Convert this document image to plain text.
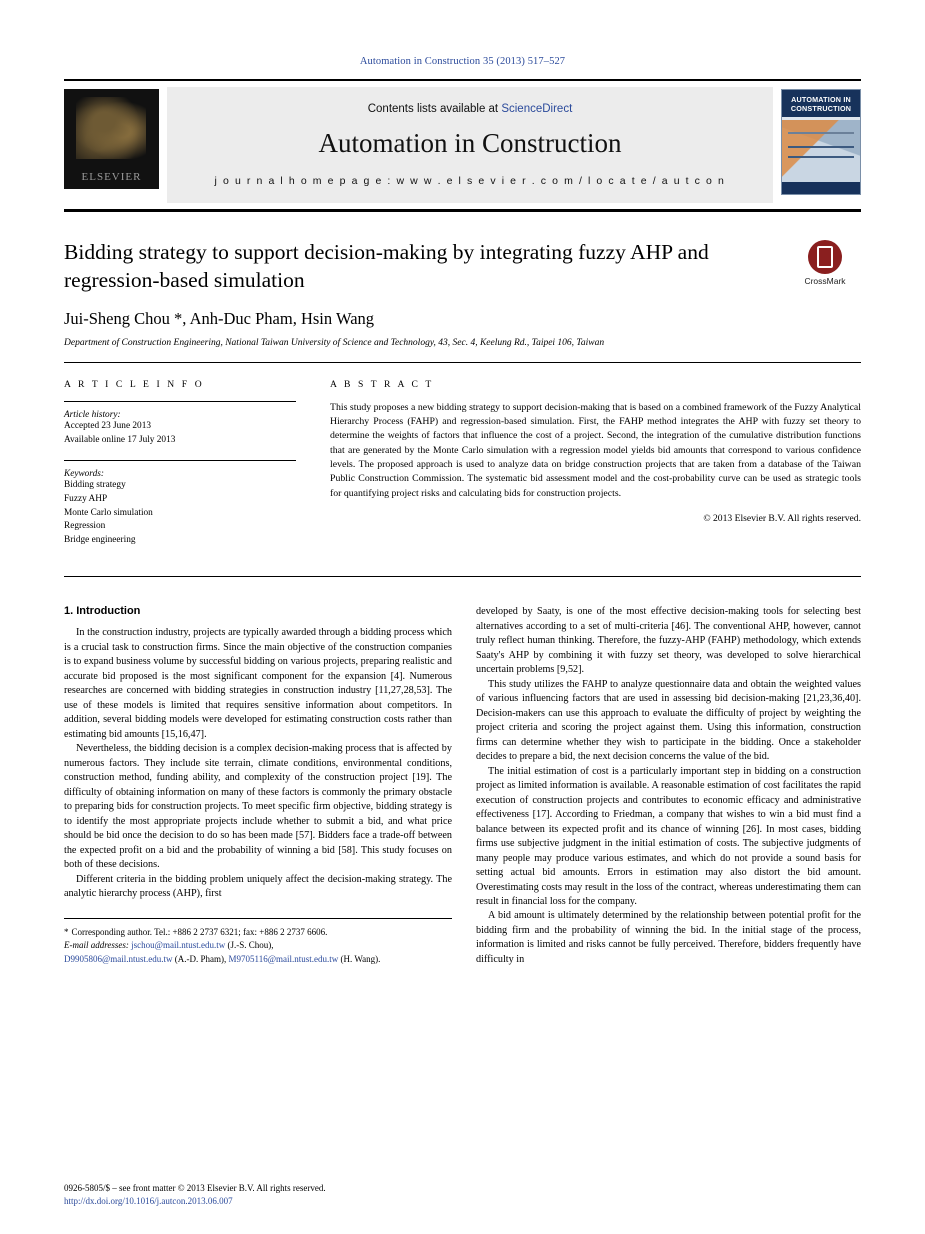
Automation in Construction 35 (2013) 517–527
ELSEVIER
Contents lists available at ScienceDirect
Automation in Construction
j o u r n a l h o m e p a g e : w w w . e l s e v i e r . c o m / l o c a t e / a u t c o n
AUTOMATION IN CONSTRUCTION
Bidding strategy to support decision-making by integrating fuzzy AHP and regression-based simulation	CrossMark
Jui-Sheng Chou *, Anh-Duc Pham, Hsin Wang
Department of Construction Engineering, National Taiwan University of Science and Technology, 43, Sec. 4, Keelung Rd., Taipei 106, Taiwan
A R T I C L E I N F O
Article history:
Accepted 23 June 2013
Available online 17 July 2013
Keywords:
Bidding strategy
Fuzzy AHP
Monte Carlo simulation
Regression
Bridge engineering
A B S T R A C T
This study proposes a new bidding strategy to support decision-making that is based on a combined framework of the Fuzzy Analytical Hierarchy Process (FAHP) and regression-based simulation. First, the FAHP method integrates the AHP with fuzzy set theory to determine the weights of factors that influence the cost of a project. Second, the integration of the cumulative distribution functions that are generated by the Monte Carlo simulation with a regression model yields bid amounts that correspond to various confidence levels. The proposed approach is used to analyze data on bridge construction projects that are taken from a database of the Taiwan Public Construction Commission. The systematic bid assessment model and the cost-probability curve can be used as strategic tools for quantifying project risks and calculating bids for construction projects.
© 2013 Elsevier B.V. All rights reserved.
1. Introduction

In the construction industry, projects are typically awarded through a bidding process which is a crucial task to construction firms. Since the main objective of the construction companies is to expand business volume by successful bidding on various projects, preparing realistic and accurate bid proposed is the most significant component for the expansion [4]. Numerous researches are concerned with bidding strategies in construction industry [11,27,28,53]. The use of these models is limited that requires sensitive information about competitors. In addition, several bidding models were developed for estimating construction costs rather than estimating bid amounts [15,16,47].

Nevertheless, the bidding decision is a complex decision-making process that is affected by numerous factors. They include site terrain, climate conditions, environmental conditions, construction method, funding ability, and complexity of the construction project [19]. The difficulty of obtaining information on many of these factors is commonly the primary obstacle to preparing bids for construction projects. To meet specific firm objective, bidding strategy is to identify the most appropriate projects include whether to submit a bid, and what price should be bid once the decision to do so has been made [57]. Bidders face a trade-off between the expected profit on a bid and the probability of winning a bid [58]. This study focuses on both of these decisions.

Different criteria in the bidding problem uniquely affect the decision-making strategy. The analytic hierarchy process (AHP), first

* Corresponding author. Tel.: +886 2 2737 6321; fax: +886 2 2737 6606.
E-mail addresses: jschou@mail.ntust.edu.tw (J.-S. Chou),
D9905806@mail.ntust.edu.tw (A.-D. Pham), M9705116@mail.ntust.edu.tw (H. Wang).

developed by Saaty, is one of the most effective decision-making tools for selecting best alternatives according to a set of multi-criteria [46]. The conventional AHP, however, cannot truly reflect human thinking. Therefore, the fuzzy-AHP (FAHP) methodology, which extends Saaty's AHP by combining it with fuzzy set theory, was developed to solve hierarchical uncertain problems [9,52].

This study utilizes the FAHP to analyze questionnaire data and obtain the weighted values of various influencing factors that are used in assessing bid decision-making [21,23,36,40]. Decision-makers can use this approach to evaluate the difficulty of project by weighting the project criteria and scoring the project against them. Using this information, construction firms can determine whether they wish to participate in the bidding. Once a stakeholder decides to prepare a bid, the next decision concerns the value of the bid.

The initial estimation of cost is a particularly important step in bidding on a construction project as limited information is available. A reasonable estimation of cost facilitates the rapid execution of construction projects and contributes to economic efficacy and administrative effectiveness [17]. According to Friedman, a company that wishes to win a bid must find a balance between its expected profit and its chance of winning [26]. In most cases, bidding firms use subjective judgment in the initial estimation of costs. The subjective judgments of many people may produce various estimates, and which do not provide a sound basis for setting actual bid amounts. Errors in estimation may also distort the bid amount. Overestimating costs may result in the loss of the contract, whereas underestimating them can result in financial loss for the company.

A bid amount is ultimately determined by the relationship between potential profit for the bidding firm and the probability of winning the bid. In the initial stage of the process, information is limited and risks cannot be fully perceived. Therefore, bidders frequently have difficulty in

0926-5805/$ – see front matter © 2013 Elsevier B.V. All rights reserved.
http://dx.doi.org/10.1016/j.autcon.2013.06.007
